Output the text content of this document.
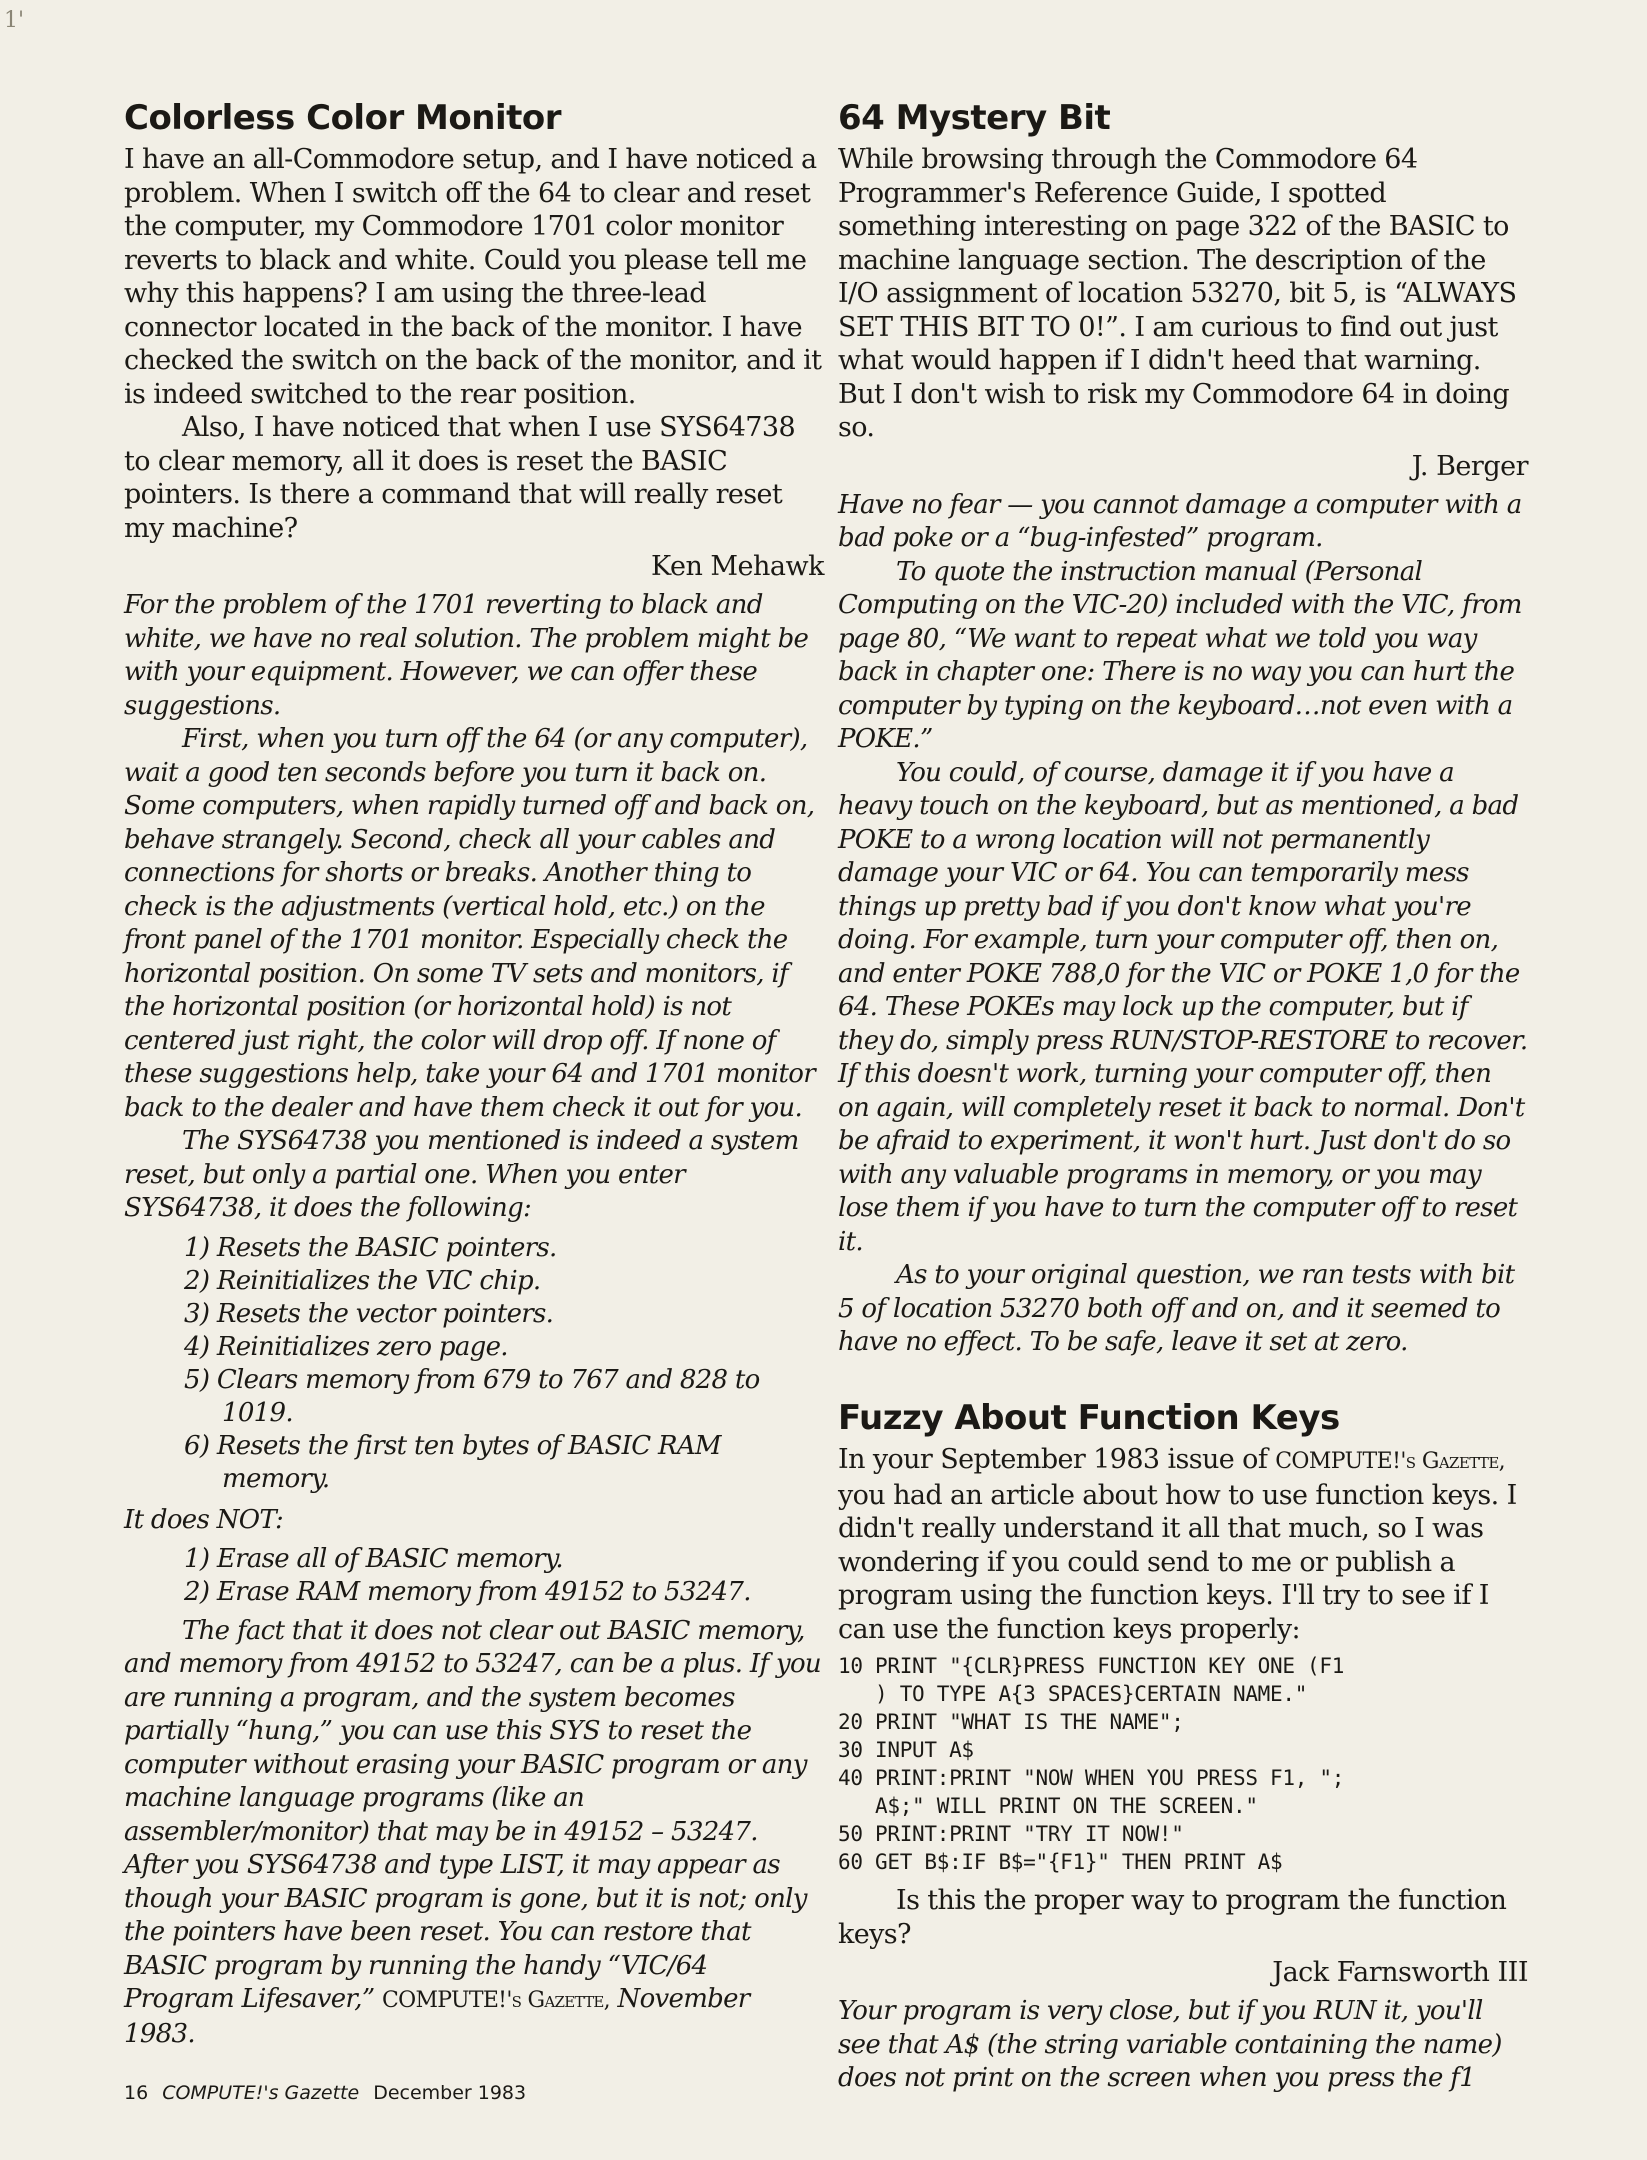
1'
Colorless Color Monitor

I have an all-Commodore setup, and I have noticed a problem. When I switch off the 64 to clear and reset the computer, my Commodore 1701 color monitor reverts to black and white. Could you please tell me why this happens? I am using the three-lead connector located in the back of the monitor. I have checked the switch on the back of the monitor, and it is indeed switched to the rear position.

Also, I have noticed that when I use SYS64738 to clear memory, all it does is reset the BASIC pointers. Is there a command that will really reset my machine?

Ken Mehawk

For the problem of the 1701 reverting to black and white, we have no real solution. The problem might be with your equipment. However, we can offer these suggestions.

First, when you turn off the 64 (or any computer), wait a good ten seconds before you turn it back on. Some computers, when rapidly turned off and back on, behave strangely. Second, check all your cables and connections for shorts or breaks. Another thing to check is the adjustments (vertical hold, etc.) on the front panel of the 1701 monitor. Especially check the horizontal position. On some TV sets and monitors, if the horizontal position (or horizontal hold) is not centered just right, the color will drop off. If none of these suggestions help, take your 64 and 1701 monitor back to the dealer and have them check it out for you.

The SYS64738 you mentioned is indeed a system reset, but only a partial one. When you enter SYS64738, it does the following:

1) Resets the BASIC pointers.
2) Reinitializes the VIC chip.
3) Resets the vector pointers.
4) Reinitializes zero page.
5) Clears memory from 679 to 767 and 828 to 1019.
6) Resets the first ten bytes of BASIC RAM memory.

It does NOT:

1) Erase all of BASIC memory.
2) Erase RAM memory from 49152 to 53247.

The fact that it does not clear out BASIC memory, and memory from 49152 to 53247, can be a plus. If you are running a program, and the system becomes partially “hung,” you can use this SYS to reset the computer without erasing your BASIC program or any machine language programs (like an assembler/monitor) that may be in 49152 – 53247. After you SYS64738 and type LIST, it may appear as though your BASIC program is gone, but it is not; only the pointers have been reset. You can restore that BASIC program by running the handy “VIC/64 Program Lifesaver,” COMPUTE!'s Gazette, November 1983.

64 Mystery Bit

While browsing through the Commodore 64 Programmer's Reference Guide, I spotted something interesting on page 322 of the BASIC to machine language section. The description of the I/O assignment of location 53270, bit 5, is “ALWAYS SET THIS BIT TO 0!”. I am curious to find out just what would happen if I didn't heed that warning. But I don't wish to risk my Commodore 64 in doing so.

J. Berger

Have no fear — you cannot damage a computer with a bad poke or a “bug-infested” program.

To quote the instruction manual (Personal Computing on the VIC-20) included with the VIC, from page 80, “We want to repeat what we told you way back in chapter one: There is no way you can hurt the computer by typing on the keyboard…not even with a POKE.”

You could, of course, damage it if you have a heavy touch on the keyboard, but as mentioned, a bad POKE to a wrong location will not permanently damage your VIC or 64. You can temporarily mess things up pretty bad if you don't know what you're doing. For example, turn your computer off, then on, and enter POKE 788,0 for the VIC or POKE 1,0 for the 64. These POKEs may lock up the computer, but if they do, simply press RUN/STOP-RESTORE to recover. If this doesn't work, turning your computer off, then on again, will completely reset it back to normal. Don't be afraid to experiment, it won't hurt. Just don't do so with any valuable programs in memory, or you may lose them if you have to turn the computer off to reset it.

As to your original question, we ran tests with bit 5 of location 53270 both off and on, and it seemed to have no effect. To be safe, leave it set at zero.

Fuzzy About Function Keys

In your September 1983 issue of COMPUTE!'s Gazette, you had an article about how to use function keys. I didn't really understand it all that much, so I was wondering if you could send to me or publish a program using the function keys. I'll try to see if I can use the function keys properly:

10 PRINT "{CLR}PRESS FUNCTION KEY ONE (F1
) TO TYPE A{3 SPACES}CERTAIN NAME."
20 PRINT "WHAT IS THE NAME";
30 INPUT A$
40 PRINT:PRINT "NOW WHEN YOU PRESS F1, ";
A$;" WILL PRINT ON THE SCREEN."
50 PRINT:PRINT "TRY IT NOW!"
60 GET B$:IF B$="{F1}" THEN PRINT A$

Is this the proper way to program the function keys?

Jack Farnsworth III

Your program is very close, but if you RUN it, you'll see that A$ (the string variable containing the name) does not print on the screen when you press the f1

16 COMPUTE!'s Gazette December 1983
